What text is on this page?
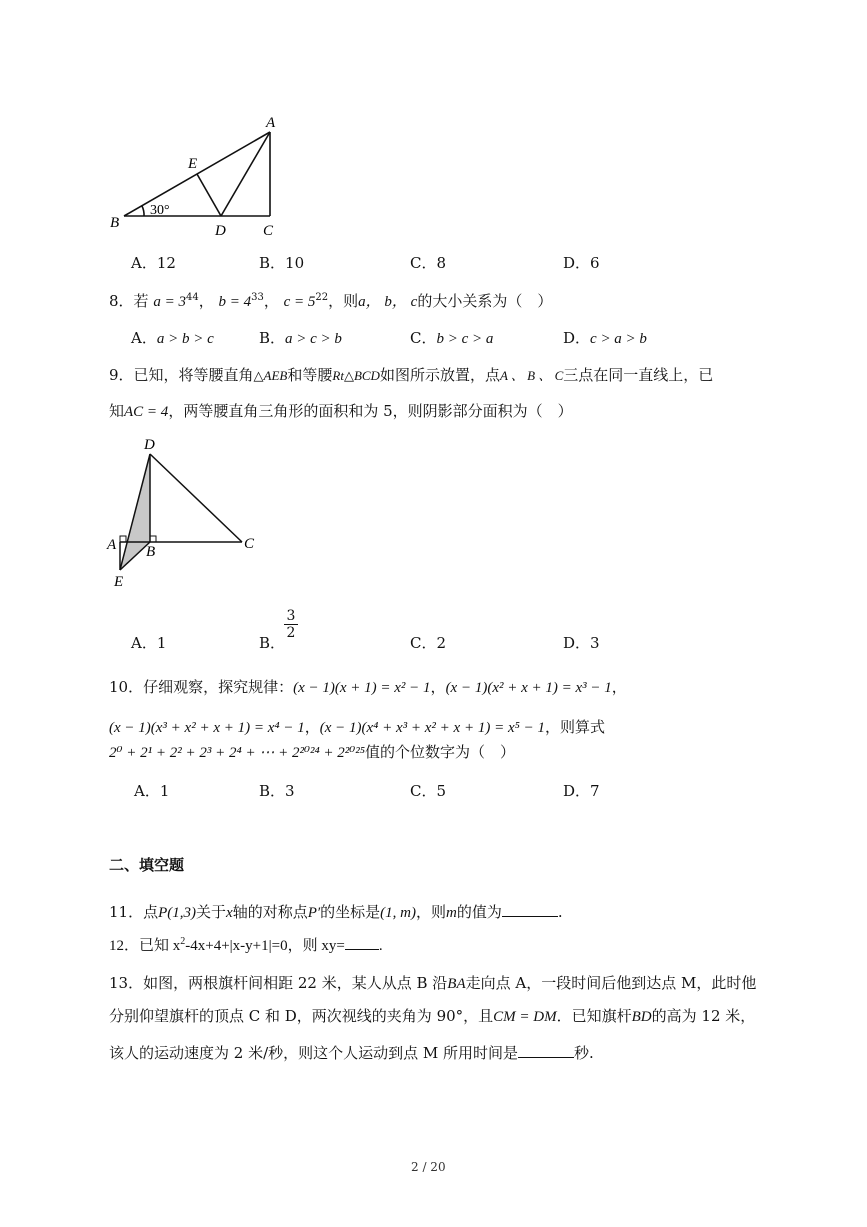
A
E
B	D C
30°
A．12	B．10	C．8	D．6
8．若 $a = 3^{44}$， $b = 4^{33}$， $c = 5^{22}$，则a， b， c的大小关系为（　）
A．a > b > c	B．a > c > b	C．b > c > a	D．c > a > b
9．已知，将等腰直角△AEB和等腰Rt△BCD如图所示放置，点A 、 B 、 C三点在同一直线上，已
知AC = 4，两等腰直角三角形的面积和为 5，则阴影部分面积为（　）
D
A B	C
E
A．1	B．
$\frac{3}{2}$
C．2	D．3
10．仔细观察，探究规律：(x − 1)(x + 1) = x² − 1，(x − 1)(x² + x + 1) = x³ − 1，
(x − 1)(x³ + x² + x + 1) = x⁴ − 1，(x − 1)(x⁴ + x³ + x² + x + 1) = x⁵ − 1，则算式
2⁰ + 2¹ + 2² + 2³ + 2⁴ + ⋯ + 2²⁰²⁴ + 2²⁰²⁵值的个位数字为（　）
A．1	B．3	C．5	D．7
二、填空题
11．点P(1,3)关于x轴的对称点P′的坐标是(1, m)，则m的值为	.
12．已知 $x^2-4x+4+|x-y+1|=0$，则 xy= .
13．如图，两根旗杆间相距 22 米，某人从点 B 沿BA走向点 A，一段时间后他到达点 M，此时他
分别仰望旗杆的顶点 C 和 D，两次视线的夹角为 90°，且CM = DM．已知旗杆BD的高为 12 米，
该人的运动速度为 2 米/秒，则这个人运动到点 M 所用时间是	秒.
2 / 20
